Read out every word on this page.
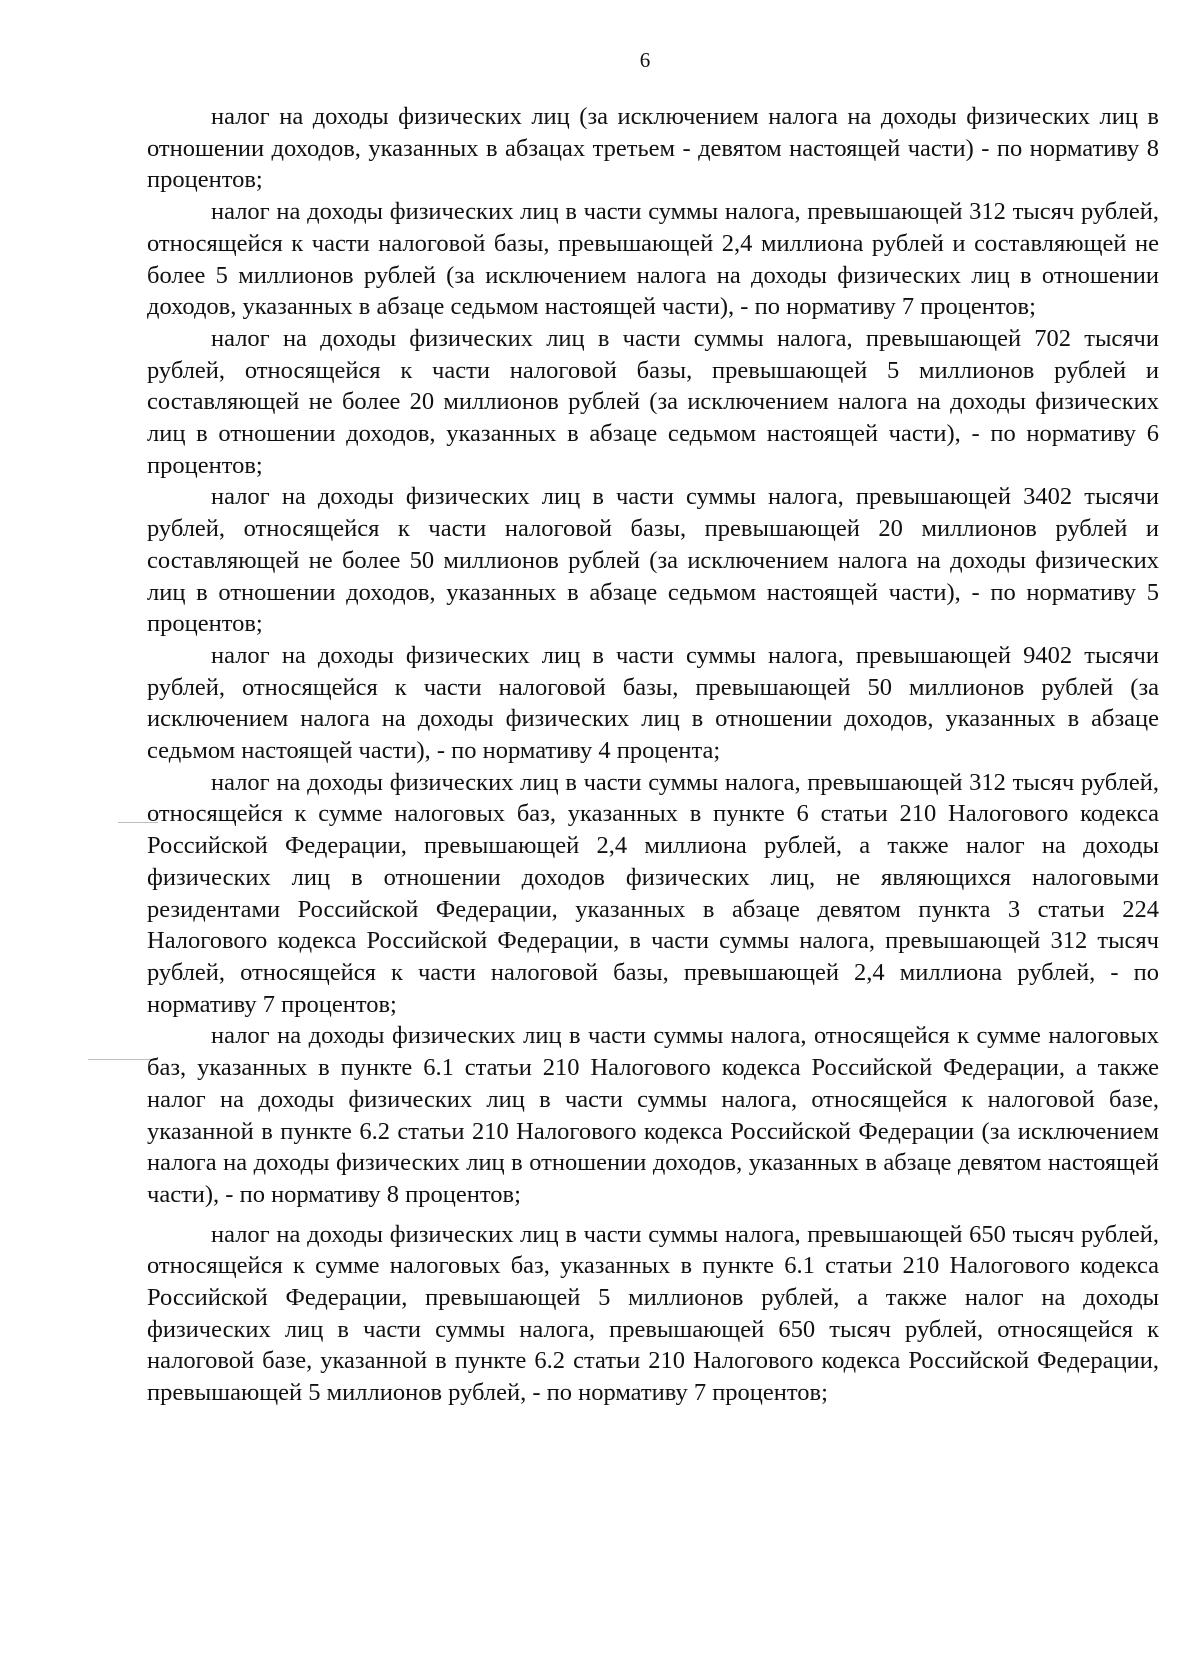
6

налог на доходы физических лиц (за исключением налога на доходы физических лиц в отношении доходов, указанных в абзацах третьем - девятом настоящей части) - по нормативу 8 процентов;

налог на доходы физических лиц в части суммы налога, превышающей 312 тысяч рублей, относящейся к части налоговой базы, превышающей 2,4 миллиона рублей и составляющей не более 5 миллионов рублей (за исключением налога на доходы физических лиц в отношении доходов, указанных в абзаце седьмом настоящей части), - по нормативу 7 процентов;

налог на доходы физических лиц в части суммы налога, превышающей 702 тысячи рублей, относящейся к части налоговой базы, превышающей 5 миллионов рублей и составляющей не более 20 миллионов рублей (за исключением налога на доходы физических лиц в отношении доходов, указанных в абзаце седьмом настоящей части), - по нормативу 6 процентов;

налог на доходы физических лиц в части суммы налога, превышающей 3402 тысячи рублей, относящейся к части налоговой базы, превышающей 20 миллионов рублей и составляющей не более 50 миллионов рублей (за исключением налога на доходы физических лиц в отношении доходов, указанных в абзаце седьмом настоящей части), - по нормативу 5 процентов;

налог на доходы физических лиц в части суммы налога, превышающей 9402 тысячи рублей, относящейся к части налоговой базы, превышающей 50 миллионов рублей (за исключением налога на доходы физических лиц в отношении доходов, указанных в абзаце седьмом настоящей части), - по нормативу 4 процента;

налог на доходы физических лиц в части суммы налога, превышающей 312 тысяч рублей, относящейся к сумме налоговых баз, указанных в пункте 6 статьи 210 Налогового кодекса Российской Федерации, превышающей 2,4 миллиона рублей, а также налог на доходы физических лиц в отношении доходов физических лиц, не являющихся налоговыми резидентами Российской Федерации, указанных в абзаце девятом пункта 3 статьи 224 Налогового кодекса Российской Федерации, в части суммы налога, превышающей 312 тысяч рублей, относящейся к части налоговой базы, превышающей 2,4 миллиона рублей, - по нормативу 7 процентов;

налог на доходы физических лиц в части суммы налога, относящейся к сумме налоговых баз, указанных в пункте 6.1 статьи 210 Налогового кодекса Российской Федерации, а также налог на доходы физических лиц в части суммы налога, относящейся к налоговой базе, указанной в пункте 6.2 статьи 210 Налогового кодекса Российской Федерации (за исключением налога на доходы физических лиц в отношении доходов, указанных в абзаце девятом настоящей части), - по нормативу 8 процентов;

налог на доходы физических лиц в части суммы налога, превышающей 650 тысяч рублей, относящейся к сумме налоговых баз, указанных в пункте 6.1 статьи 210 Налогового кодекса Российской Федерации, превышающей 5 миллионов рублей, а также налог на доходы физических лиц в части суммы налога, превышающей 650 тысяч рублей, относящейся к налоговой базе, указанной в пункте 6.2 статьи 210 Налогового кодекса Российской Федерации, превышающей 5 миллионов рублей, - по нормативу 7 процентов;
